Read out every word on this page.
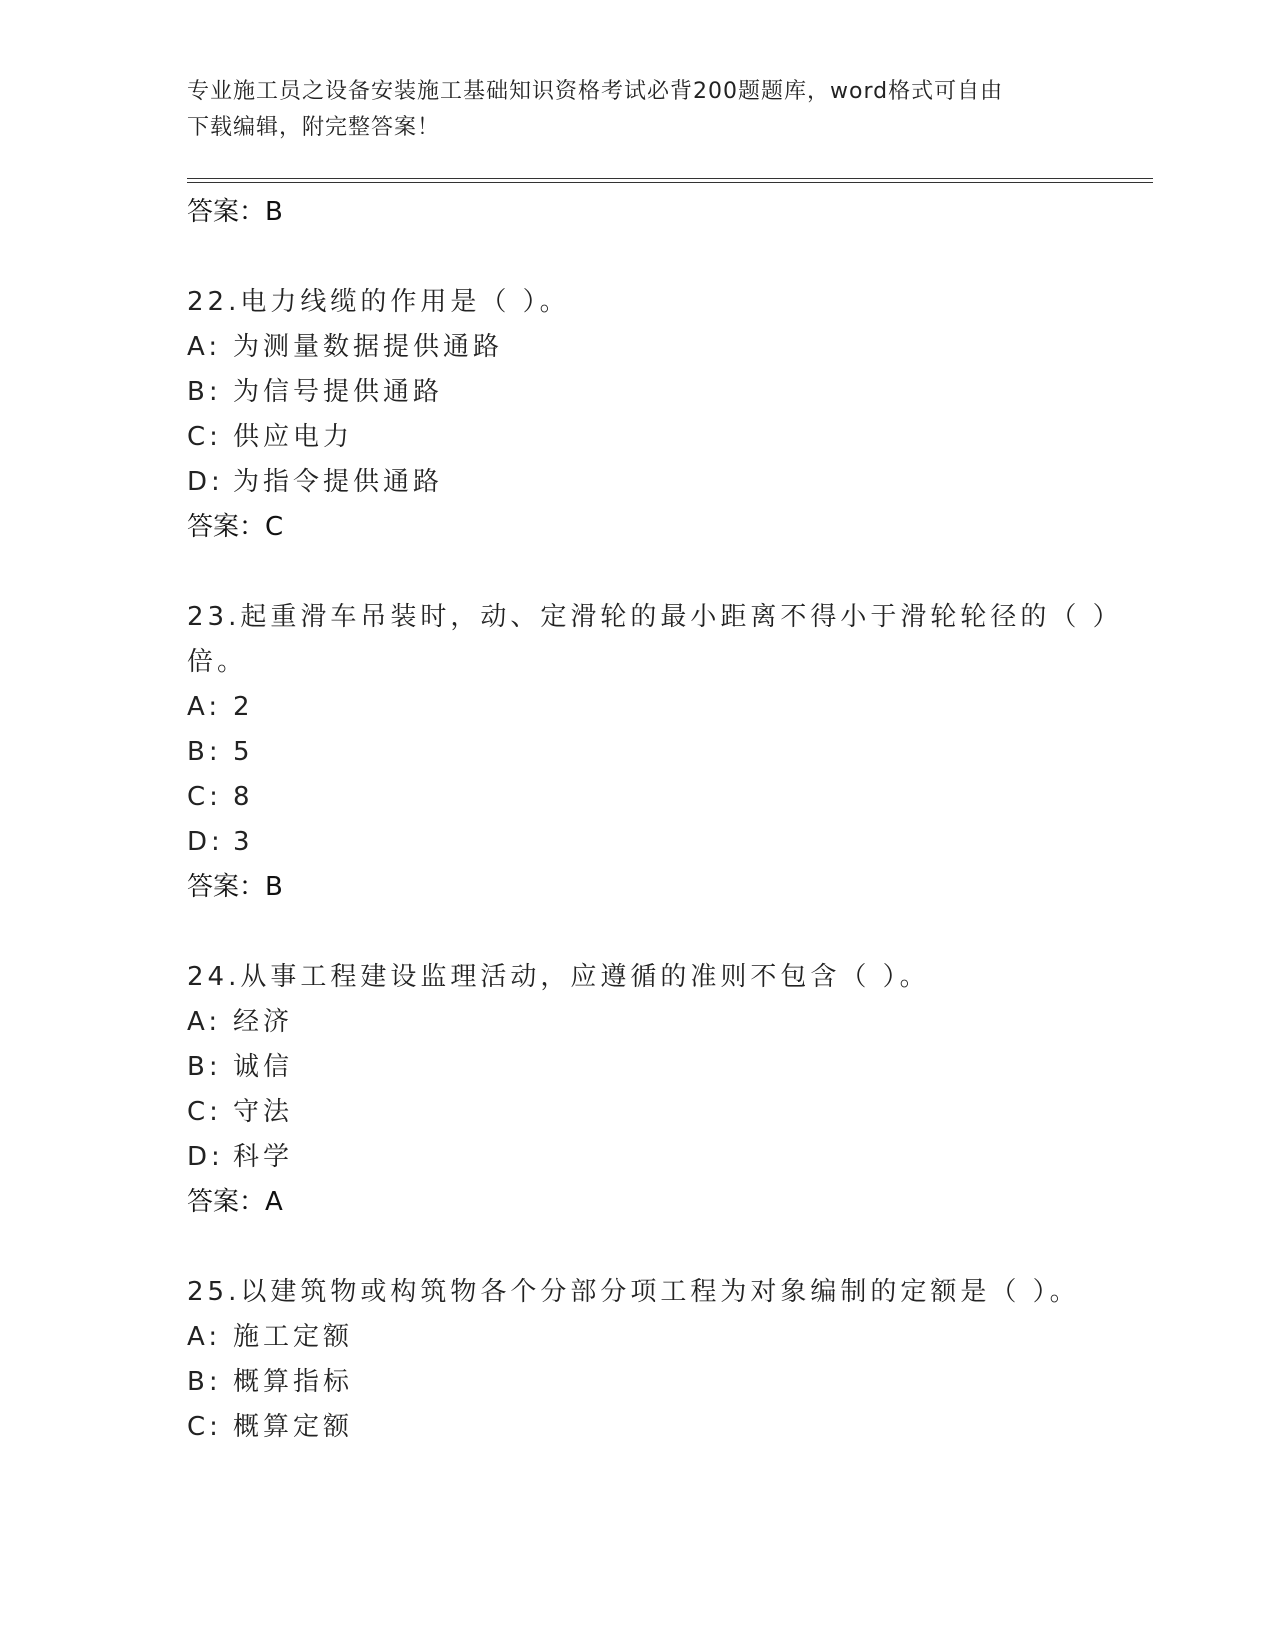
专业施工员之设备安装施工基础知识资格考试必背200题题库，word格式可自由
下载编辑，附完整答案！
答案：B
22.电力线缆的作用是（ ）。
A: 为测量数据提供通路
B: 为信号提供通路
C: 供应电力
D: 为指令提供通路
答案：C
23.起重滑车吊装时，动、定滑轮的最小距离不得小于滑轮轮径的（ ）倍。
A: 2
B: 5
C: 8
D: 3
答案：B
24.从事工程建设监理活动，应遵循的准则不包含（ ）。
A: 经济
B: 诚信
C: 守法
D: 科学
答案：A
25.以建筑物或构筑物各个分部分项工程为对象编制的定额是（ ）。
A: 施工定额
B: 概算指标
C: 概算定额
